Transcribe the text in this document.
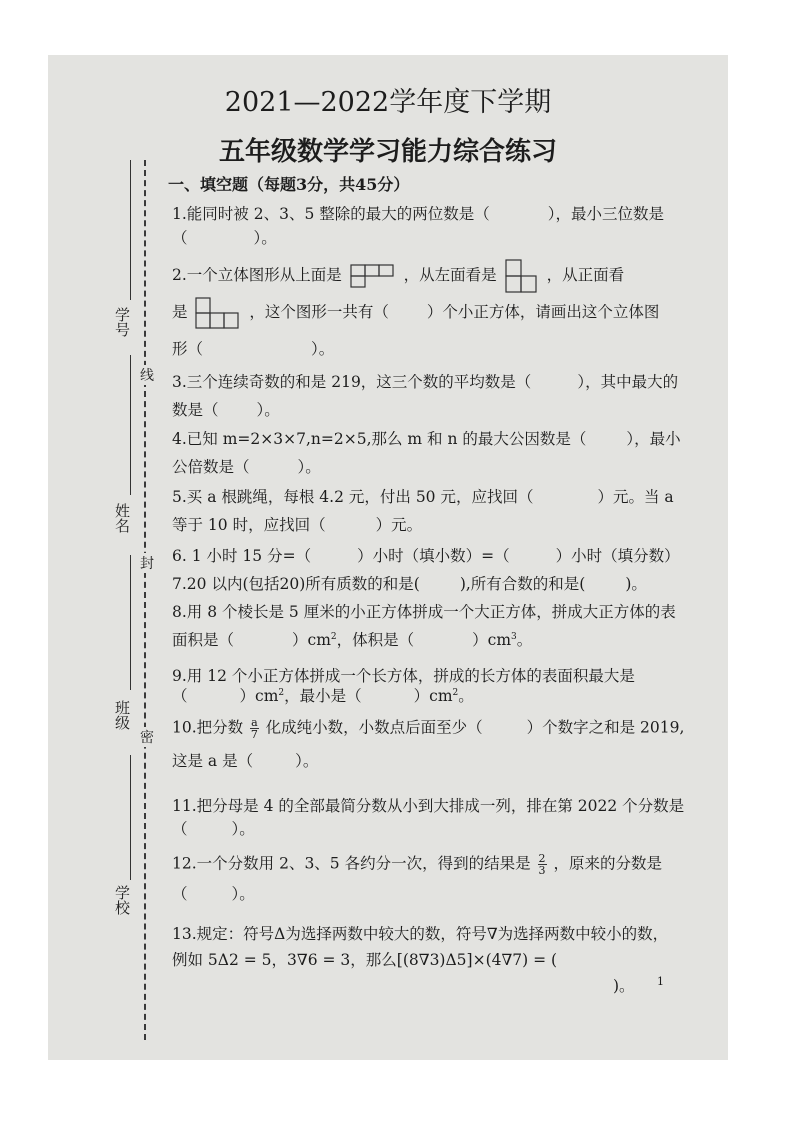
2021—2022学年度下学期
五年级数学学习能力综合练习
学号
姓名
班级
学校
线
封
密
一、填空题（每题3分，共45分）
1.能同时被 2、3、5 整除的最大的两位数是（	），最小三位数是
（	）。
2.一个立体图形从上面是	，从左面看是	，从正面看
是	，这个图形一共有（ ）个小正方体，请画出这个立体图
形（	）。
3.三个连续奇数的和是 219，这三个数的平均数是（	），其中最大的
数是（ ）。
4.已知 m=2×3×7,n=2×5,那么 m 和 n 的最大公因数是（	），最小
公倍数是（	）。
5.买 a 根跳绳，每根 4.2 元，付出 50 元，应找回（	）元。当 a
等于 10 时，应找回（	）元。
6. 1 小时 15 分=（	）小时（填小数）=（	）小时（填分数）
7.20 以内(包括20)所有质数的和是(	),所有合数的和是(	)。
8.用 8 个棱长是 5 厘米的小正方体拼成一个大正方体，拼成大正方体的表
面积是（	）$cm^2$，体积是（	）$cm^3$。
9.用 12 个小正方体拼成一个长方体，拼成的长方体的表面积最大是
（	）$cm^2$，最小是（	）$cm^2$。
10.把分数 $\frac{a}{7}$ 化成纯小数，小数点后面至少（	）个数字之和是 2019,
这是 a 是（	）。
11.把分母是 4 的全部最简分数从小到大排成一列，排在第 2022 个分数是
（	）。
12.一个分数用 2、3、5 各约分一次，得到的结果是 $\frac{2}{3}$ ，原来的分数是
（	）。
13.规定：符号Δ为选择两数中较大的数，符号∇为选择两数中较小的数，
例如 5Δ2 = 5，3∇6 = 3，那么[(8∇3)Δ5]×(4∇7) = (
)。	1
